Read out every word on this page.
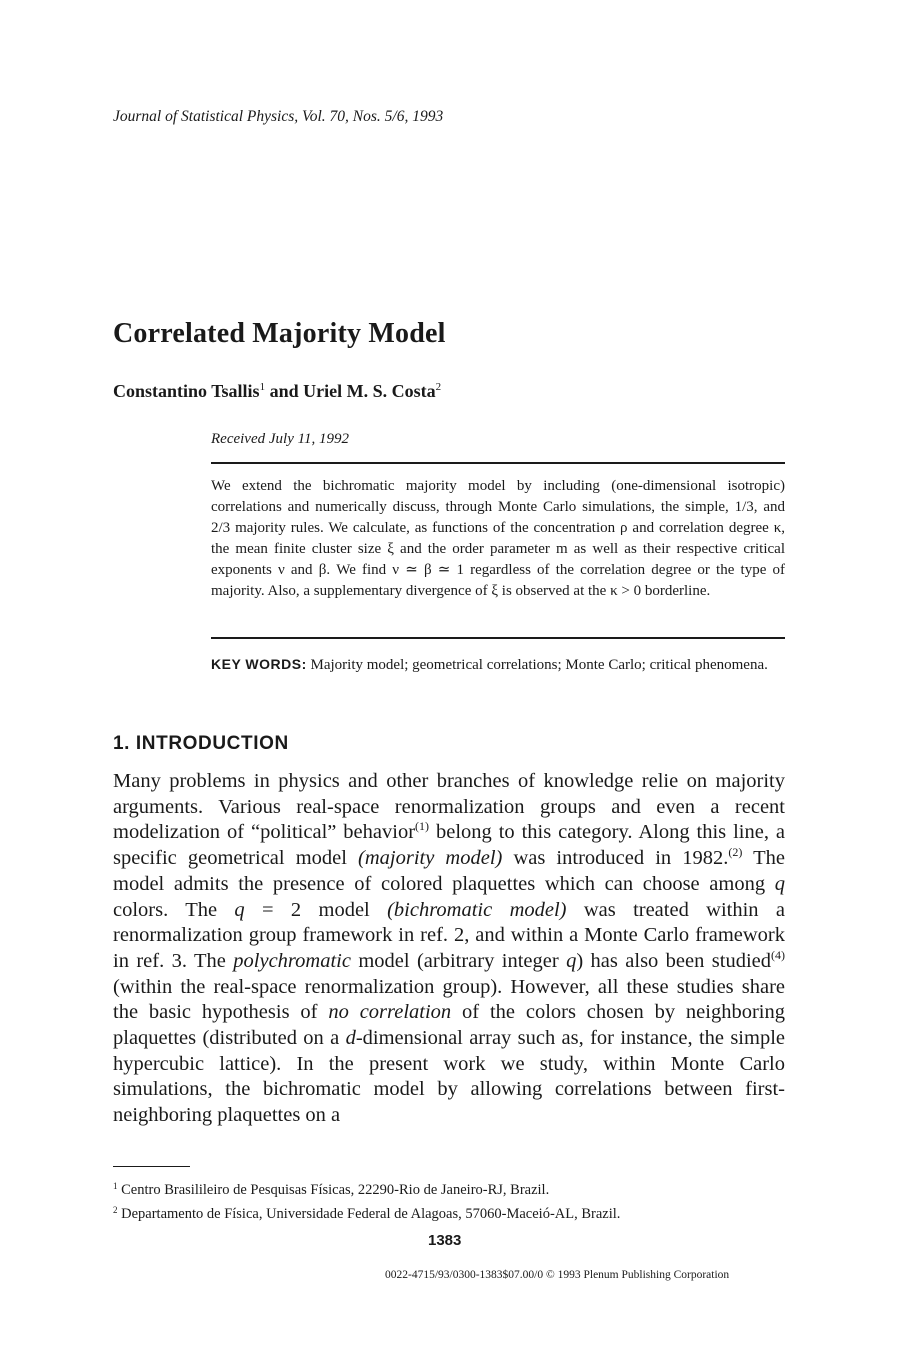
Journal of Statistical Physics, Vol. 70, Nos. 5/6, 1993
Correlated Majority Model
Constantino Tsallis$^1$ and Uriel M. S. Costa$^2$
Received July 11, 1992
We extend the bichromatic majority model by including (one-dimensional isotropic) correlations and numerically discuss, through Monte Carlo simulations, the simple, 1/3, and 2/3 majority rules. We calculate, as functions of the concentration ρ and correlation degree κ, the mean finite cluster size ξ and the order parameter m as well as their respective critical exponents ν and β. We find ν ≃ β ≃ 1 regardless of the correlation degree or the type of majority. Also, a supplementary divergence of ξ is observed at the κ > 0 borderline.
KEY WORDS: Majority model; geometrical correlations; Monte Carlo; critical phenomena.
1. INTRODUCTION
Many problems in physics and other branches of knowledge relie on majority arguments. Various real-space renormalization groups and even a recent modelization of “political” behavior$^{(1)}$ belong to this category. Along this line, a specific geometrical model (majority model) was introduced in 1982.$^{(2)}$ The model admits the presence of colored plaquettes which can choose among q colors. The q = 2 model (bichromatic model) was treated within a renormalization group framework in ref. 2, and within a Monte Carlo framework in ref. 3. The polychromatic model (arbitrary integer q) has also been studied$^{(4)}$ (within the real-space renormalization group). However, all these studies share the basic hypothesis of no correlation of the colors chosen by neighboring plaquettes (distributed on a d-dimensional array such as, for instance, the simple hypercubic lattice). In the present work we study, within Monte Carlo simulations, the bichromatic model by allowing correlations between first-neighboring plaquettes on a
$^1$ Centro Brasilileiro de Pesquisas Físicas, 22290-Rio de Janeiro-RJ, Brazil.
$^2$ Departamento de Física, Universidade Federal de Alagoas, 57060-Maceió-AL, Brazil.
1383
0022-4715/93/0300-1383$07.00/0 © 1993 Plenum Publishing Corporation
